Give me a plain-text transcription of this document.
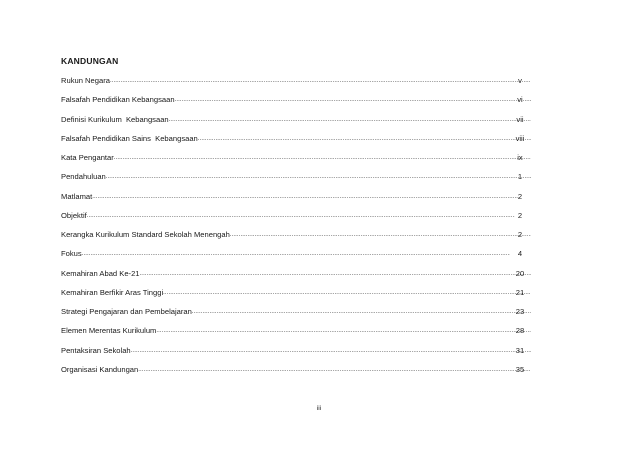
KANDUNGAN
Rukun Negara .....	v
Falsafah Pendidikan Kebangsaan .....	vi
Definisi Kurikulum  Kebangsaan .....	vii
Falsafah Pendidikan Sains  Kebangsaan .....	viii
Kata Pengantar .....	ix
Pendahuluan .....	1
Matlamat .....	2
Objektif .....	2
Kerangka Kurikulum Standard Sekolah Menengah .....	2
Fokus .....	4
Kemahiran Abad Ke-21 .....	20
Kemahiran Berfikir Aras Tinggi .....	21
Strategi Pengajaran dan Pembelajaran .....	23
Elemen Merentas Kurikulum .....	28
Pentaksiran Sekolah .....	31
Organisasi Kandungan .....	35
iii
